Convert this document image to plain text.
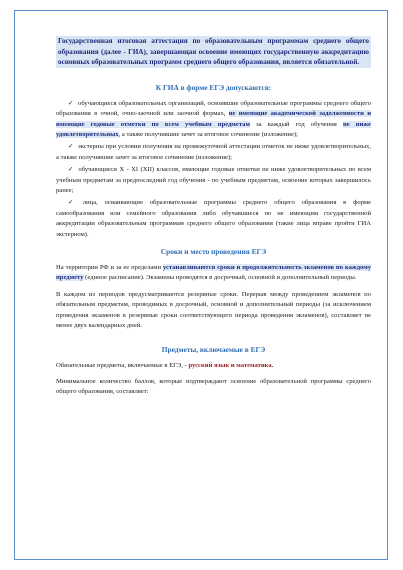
Государственная итоговая аттестация по образовательным программам среднего общего образования (далее - ГИА), завершающая освоение имеющих государственную аккредитацию основных образовательных программ среднего общего образования, является обязательной.

К ГИА в форме ЕГЭ допускаются:

✓ обучающиеся образовательных организаций, освоившие образовательные программы среднего общего образования в очной, очно-заочной или заочной формах, не имеющие академической задолженности и имеющие годовые отметки по всем учебным предметам за каждый год обучения не ниже удовлетворительных, а также получившие зачет за итоговое сочинение (изложение);

✓ экстерны при условии получения на промежуточной аттестации отметок не ниже удовлетворительных, а также получившие зачет за итоговое сочинение (изложение);

✓ обучающиеся X - XI (XII) классов, имеющие годовые отметки не ниже удовлетворительных по всем учебным предметам за предпоследний год обучения - по учебным предметам, освоение которых завершилось ранее;

✓ лица, осваивающие образовательные программы среднего общего образования в форме самообразования или семейного образования либо обучавшиеся по не имеющим государственной аккредитации образовательным программам среднего общего образования (такие лица вправе пройти ГИА экстерном).

Сроки и место проведения ЕГЭ

На территории РФ и за ее пределами устанавливаются сроки и продолжительность экзаменов по каждому предмету (единое расписание). Экзамены проводятся в досрочный, основной и дополнительный периоды.

В каждом из периодов предусматриваются резервные сроки. Перерыв между проведением экзаменов по обязательным предметам, проводимых в досрочный, основной и дополнительный периоды (за исключением проведения экзаменов в резервные сроки соответствующего периода проведения экзаменов), составляет не менее двух календарных дней.

Предметы, включаемые в ЕГЭ

Обязательные предметы, включаемые в ЕГЭ, - русский язык и математика.

Минимальное количество баллов, которые подтверждают освоение образовательной программы среднего общего образования, составляет:
